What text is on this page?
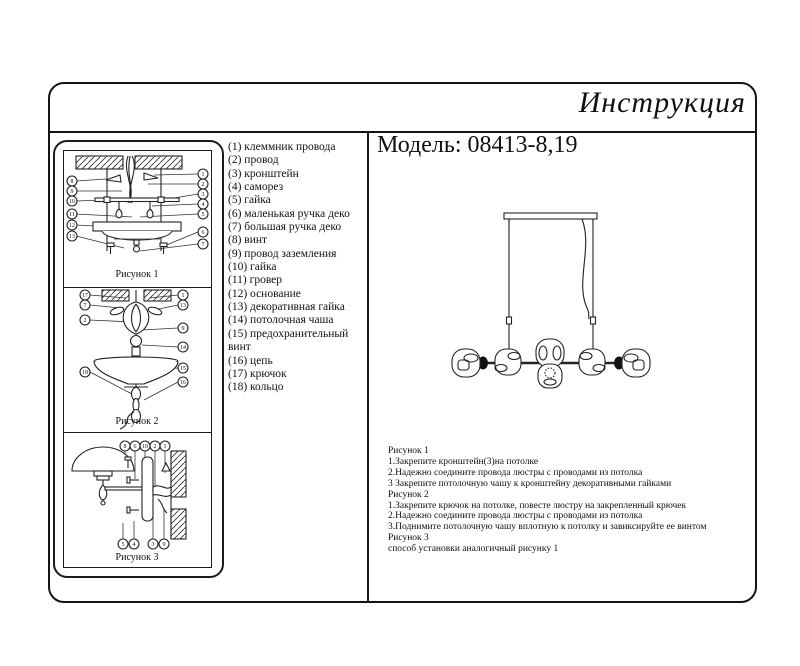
Инструкция
8
9
10
11
12
13
1
2
3
4
5
6
7
Рисунок 1
17
7
2
18
1
13
9
14
15
16
Рисунок 2
8 6 10 2 1
5 4	3 9
Рисунок 3
(1) клеммник провода
(2) провод
(3) кронштейн
(4) саморез
(5) гайка
(6) маленькая ручка деко
(7) большая ручка деко
(8) винт
(9) провод заземления
(10) гайка
(11) гровер
(12) основание
(13) декоративная гайка
(14) потолочная чаша
(15) предохранительный винт
(16) цепь
(17) крючок
(18) кольцо
Модель: 08413-8,19
Рисунок 1
1.Закрепите кронштейн(3)на потолке
2.Надежно соедините провода люстры с проводами из потолка
3 Закрепите потолочную чашу к кронштейну декоративными гайками
Рисунок 2
1.Закрепите крючок на потолке, повесте люстру на закрепленный крючек
2.Надежно соедините провода люстры с проводами из потолка
3.Поднимите потолочную чашу вплотную к потолку и завиксируйте ее винтом
Рисунок 3
способ установки аналогичный рисунку 1
